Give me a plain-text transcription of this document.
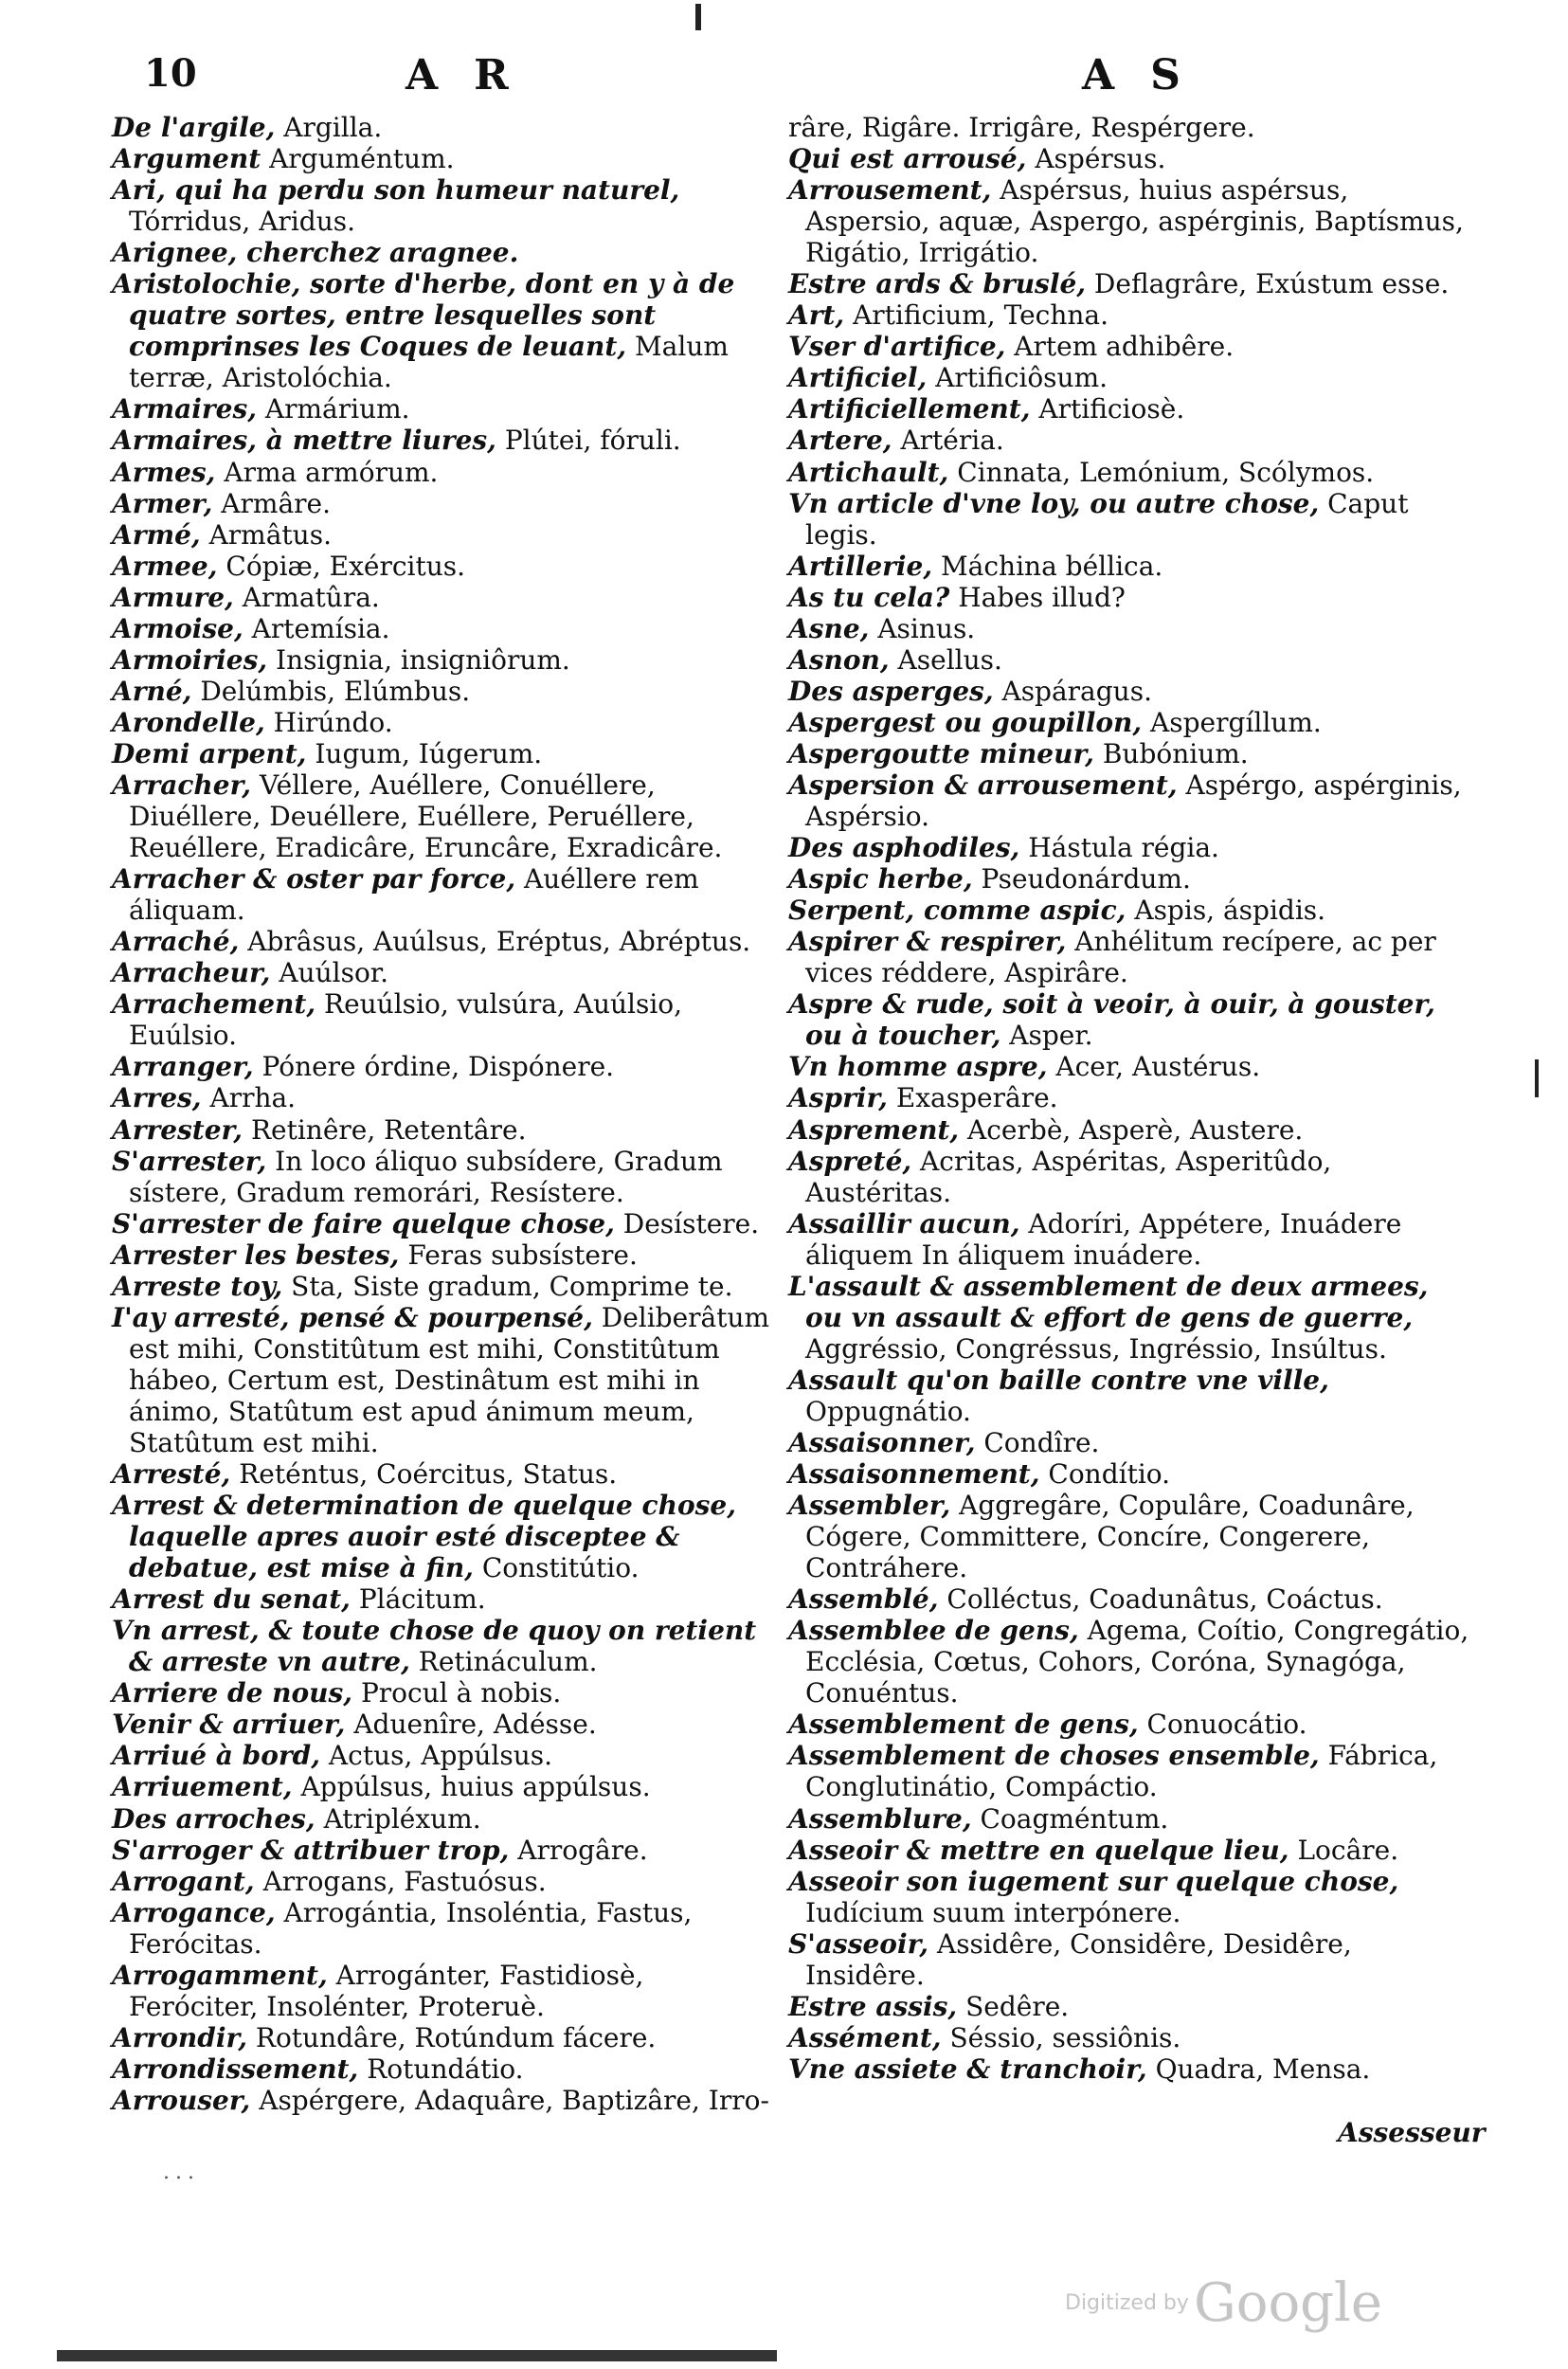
10	AR	AS
De l'argile, Argilla.
Argument Arguméntum.
Ari, qui ha perdu son humeur naturel, Tórridus, Aridus.
Arignee, cherchez aragnee.
Aristolochie, sorte d'herbe, dont en y à de quatre sortes, entre lesquelles sont comprinses les Coques de leuant, Malum terræ, Aristolóchia.
Armaires, Armárium.
Armaires, à mettre liures, Plútei, fóruli.
Armes, Arma armórum.
Armer, Armâre.
Armé, Armâtus.
Armee, Cópiæ, Exércitus.
Armure, Armatûra.
Armoise, Artemísia.
Armoiries, Insignia, insigniôrum.
Arné, Delúmbis, Elúmbus.
Arondelle, Hirúndo.
Demi arpent, Iugum, Iúgerum.
Arracher, Véllere, Auéllere, Conuéllere, Diuéllere, Deuéllere, Euéllere, Peruéllere, Reuéllere, Eradicâre, Eruncâre, Exradicâre.
Arracher & oster par force, Auéllere rem áliquam.
Arraché, Abrâsus, Auúlsus, Eréptus, Abréptus.
Arracheur, Auúlsor.
Arrachement, Reuúlsio, vulsúra, Auúlsio, Euúlsio.
Arranger, Pónere órdine, Dispónere.
Arres, Arrha.
Arrester, Retinêre, Retentâre.
S'arrester, In loco áliquo subsídere, Gradum sístere, Gradum remorári, Resístere.
S'arrester de faire quelque chose, Desístere.
Arrester les bestes, Feras subsístere.
Arreste toy, Sta, Siste gradum, Comprime te.
I'ay arresté, pensé & pourpensé, Deliberâtum est mihi, Constitûtum est mihi, Constitûtum hábeo, Certum est, Destinâtum est mihi in ánimo, Statûtum est apud ánimum meum, Statûtum est mihi.
Arresté, Reténtus, Coércitus, Status.
Arrest & determination de quelque chose, laquelle apres auoir esté disceptee & debatue, est mise à fin, Constitútio.
Arrest du senat, Plácitum.
Vn arrest, & toute chose de quoy on retient & arreste vn autre, Retináculum.
Arriere de nous, Procul à nobis.
Venir & arriuer, Aduenîre, Adésse.
Arriué à bord, Actus, Appúlsus.
Arriuement, Appúlsus, huius appúlsus.
Des arroches, Atripléxum.
S'arroger & attribuer trop, Arrogâre.
Arrogant, Arrogans, Fastuósus.
Arrogance, Arrogántia, Insoléntia, Fastus, Ferócitas.
Arrogamment, Arrogánter, Fastidiosè, Feróciter, Insolénter, Proteruè.
Arrondir, Rotundâre, Rotúndum fácere.
Arrondissement, Rotundátio.
Arrouser, Aspérgere, Adaquâre, Baptizâre, Irro-
râre, Rigâre. Irrigâre, Respérgere.
Qui est arrousé, Aspérsus.
Arrousement, Aspérsus, huius aspérsus, Aspersio, aquæ, Aspergo, aspérginis, Baptísmus, Rigátio, Irrigátio.
Estre ards & bruslé, Deflagrâre, Exústum esse.
Art, Artificium, Techna.
Vser d'artifice, Artem adhibêre.
Artificiel, Artificiôsum.
Artificiellement, Artificiosè.
Artere, Artéria.
Artichault, Cinnata, Lemónium, Scólymos.
Vn article d'vne loy, ou autre chose, Caput legis.
Artillerie, Máchina béllica.
As tu cela? Habes illud?
Asne, Asinus.
Asnon, Asellus.
Des asperges, Aspáragus.
Aspergest ou goupillon, Aspergíllum.
Aspergoutte mineur, Bubónium.
Aspersion & arrousement, Aspérgo, aspérginis, Aspérsio.
Des asphodiles, Hástula régia.
Aspic herbe, Pseudonárdum.
Serpent, comme aspic, Aspis, áspidis.
Aspirer & respirer, Anhélitum recípere, ac per vices réddere, Aspirâre.
Aspre & rude, soit à veoir, à ouir, à gouster, ou à toucher, Asper.
Vn homme aspre, Acer, Austérus.
Asprir, Exasperâre.
Asprement, Acerbè, Asperè, Austere.
Aspreté, Acritas, Aspéritas, Asperitûdo, Austéritas.
Assaillir aucun, Adoríri, Appétere, Inuádere áliquem In áliquem inuádere.
L'assault & assemblement de deux armees, ou vn assault & effort de gens de guerre, Aggréssio, Congréssus, Ingréssio, Insúltus.
Assault qu'on baille contre vne ville, Oppugnátio.
Assaisonner, Condîre.
Assaisonnement, Condítio.
Assembler, Aggregâre, Copulâre, Coadunâre, Cógere, Committere, Concíre, Congerere, Contráhere.
Assemblé, Colléctus, Coadunâtus, Coáctus.
Assemblee de gens, Agema, Coítio, Congregátio, Ecclésia, Cœtus, Cohors, Coróna, Synagóga, Conuéntus.
Assemblement de gens, Conuocátio.
Assemblement de choses ensemble, Fábrica, Conglutinátio, Compáctio.
Assemblure, Coagméntum.
Asseoir & mettre en quelque lieu, Locâre.
Asseoir son iugement sur quelque chose, Iudícium suum interpónere.
S'asseoir, Assidêre, Considêre, Desidêre, Insidêre.
Estre assis, Sedêre.
Assément, Séssio, sessiônis.
Vne assiete & tranchoir, Quadra, Mensa.
Assesseur
...
Digitized by Google
